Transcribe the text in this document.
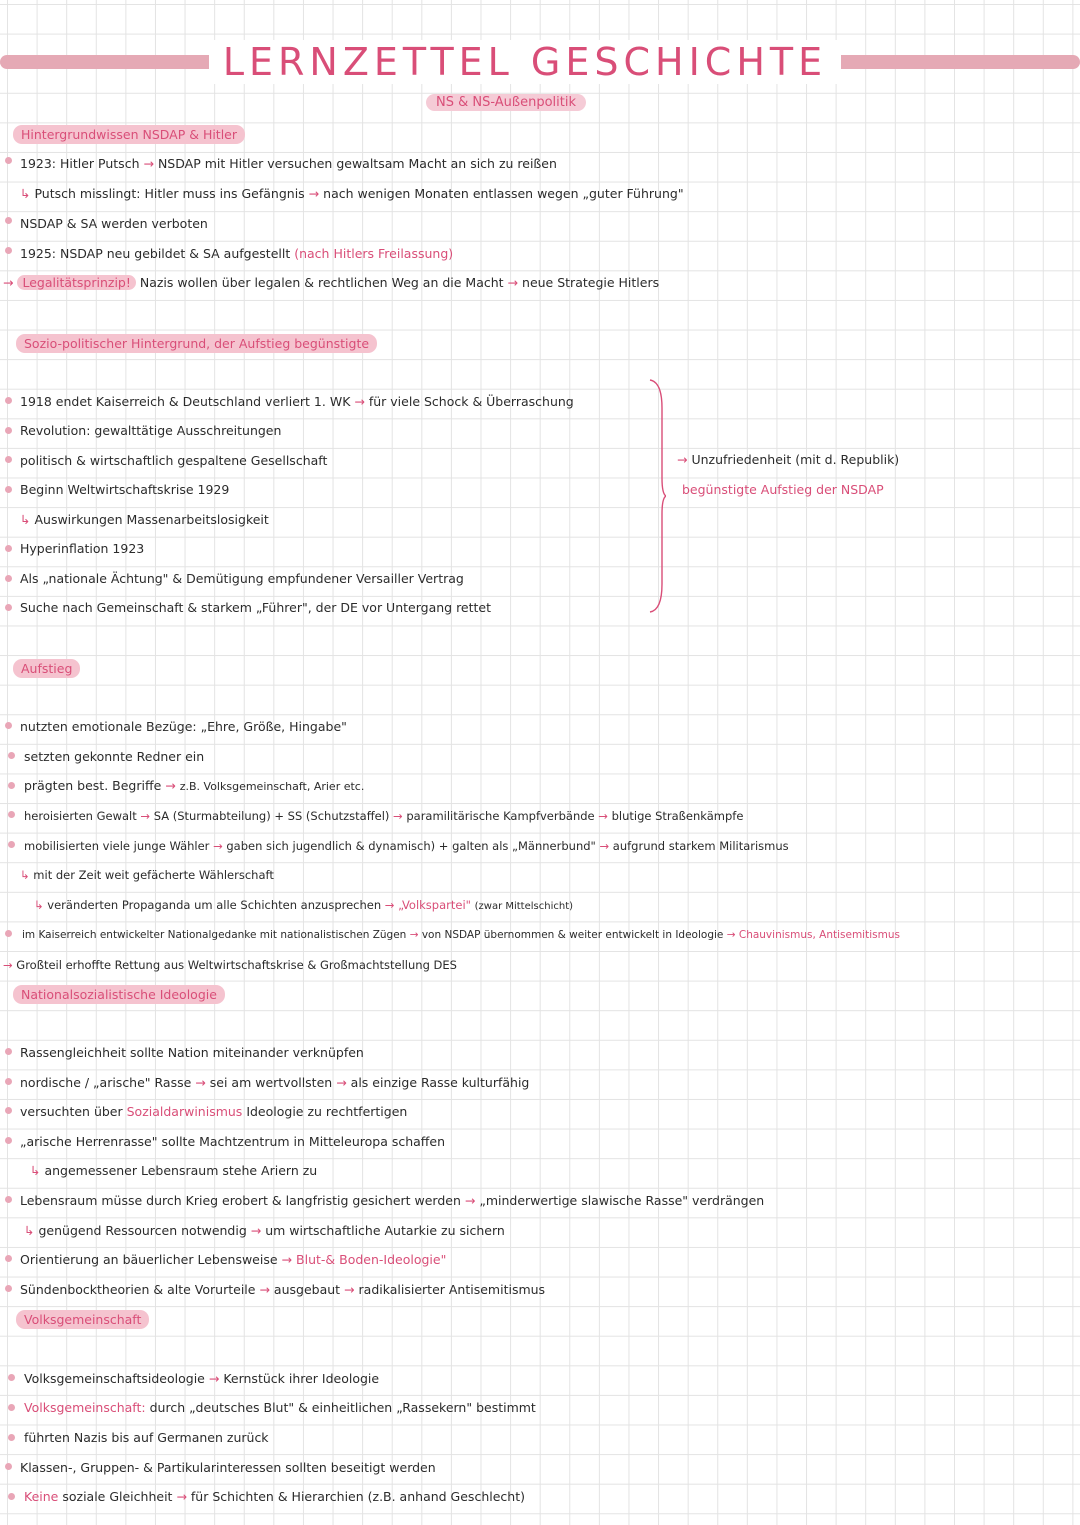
LERNZETTEL GESCHICHTE
NS & NS-Außenpolitik
Hintergrundwissen NSDAP & Hitler
1923: Hitler Putsch → NSDAP mit Hitler versuchen gewaltsam Macht an sich zu reißen
↳ Putsch misslingt: Hitler muss ins Gefängnis → nach wenigen Monaten entlassen wegen „guter Führung"
NSDAP & SA werden verboten
1925: NSDAP neu gebildet & SA aufgestellt (nach Hitlers Freilassung)
→ Legalitätsprinzip! Nazis wollen über legalen & rechtlichen Weg an die Macht → neue Strategie Hitlers
Sozio-politischer Hintergrund, der Aufstieg begünstigte
1918 endet Kaiserreich & Deutschland verliert 1. WK → für viele Schock & Überraschung
Revolution: gewalttätige Ausschreitungen
politisch & wirtschaftlich gespaltene Gesellschaft
Beginn Weltwirtschaftskrise 1929
↳ Auswirkungen Massenarbeitslosigkeit
Hyperinflation 1923
Als „nationale Ächtung" & Demütigung empfundener Versailler Vertrag
Suche nach Gemeinschaft & starkem „Führer", der DE vor Untergang rettet
→ Unzufriedenheit (mit d. Republik)
begünstigte Aufstieg der NSDAP
Aufstieg
nutzten emotionale Bezüge: „Ehre, Größe, Hingabe"
setzten gekonnte Redner ein
prägten best. Begriffe → z.B. Volksgemeinschaft, Arier etc.
heroisierten Gewalt → SA (Sturmabteilung) + SS (Schutzstaffel) → paramilitärische Kampfverbände → blutige Straßenkämpfe
mobilisierten viele junge Wähler → gaben sich jugendlich & dynamisch) + galten als „Männerbund" → aufgrund starkem Militarismus
↳ mit der Zeit weit gefächerte Wählerschaft
↳ veränderten Propaganda um alle Schichten anzusprechen → „Volkspartei" (zwar Mittelschicht)
im Kaiserreich entwickelter Nationalgedanke mit nationalistischen Zügen → von NSDAP übernommen & weiter entwickelt in Ideologie → Chauvinismus, Antisemitismus
→ Großteil erhoffte Rettung aus Weltwirtschaftskrise & Großmachtstellung DES
Nationalsozialistische Ideologie
Rassengleichheit sollte Nation miteinander verknüpfen
nordische / „arische" Rasse → sei am wertvollsten → als einzige Rasse kulturfähig
versuchten über Sozialdarwinismus Ideologie zu rechtfertigen
„arische Herrenrasse" sollte Machtzentrum in Mitteleuropa schaffen
↳ angemessener Lebensraum stehe Ariern zu
Lebensraum müsse durch Krieg erobert & langfristig gesichert werden → „minderwertige slawische Rasse" verdrängen
↳ genügend Ressourcen notwendig → um wirtschaftliche Autarkie zu sichern
Orientierung an bäuerlicher Lebensweise → Blut-& Boden-Ideologie"
Sündenbocktheorien & alte Vorurteile → ausgebaut → radikalisierter Antisemitismus
Volksgemeinschaft
Volksgemeinschaftsideologie → Kernstück ihrer Ideologie
Volksgemeinschaft: durch „deutsches Blut" & einheitlichen „Rassekern" bestimmt
führten Nazis bis auf Germanen zurück
Klassen-, Gruppen- & Partikularinteressen sollten beseitigt werden
Keine soziale Gleichheit → für Schichten & Hierarchien (z.B. anhand Geschlecht)
